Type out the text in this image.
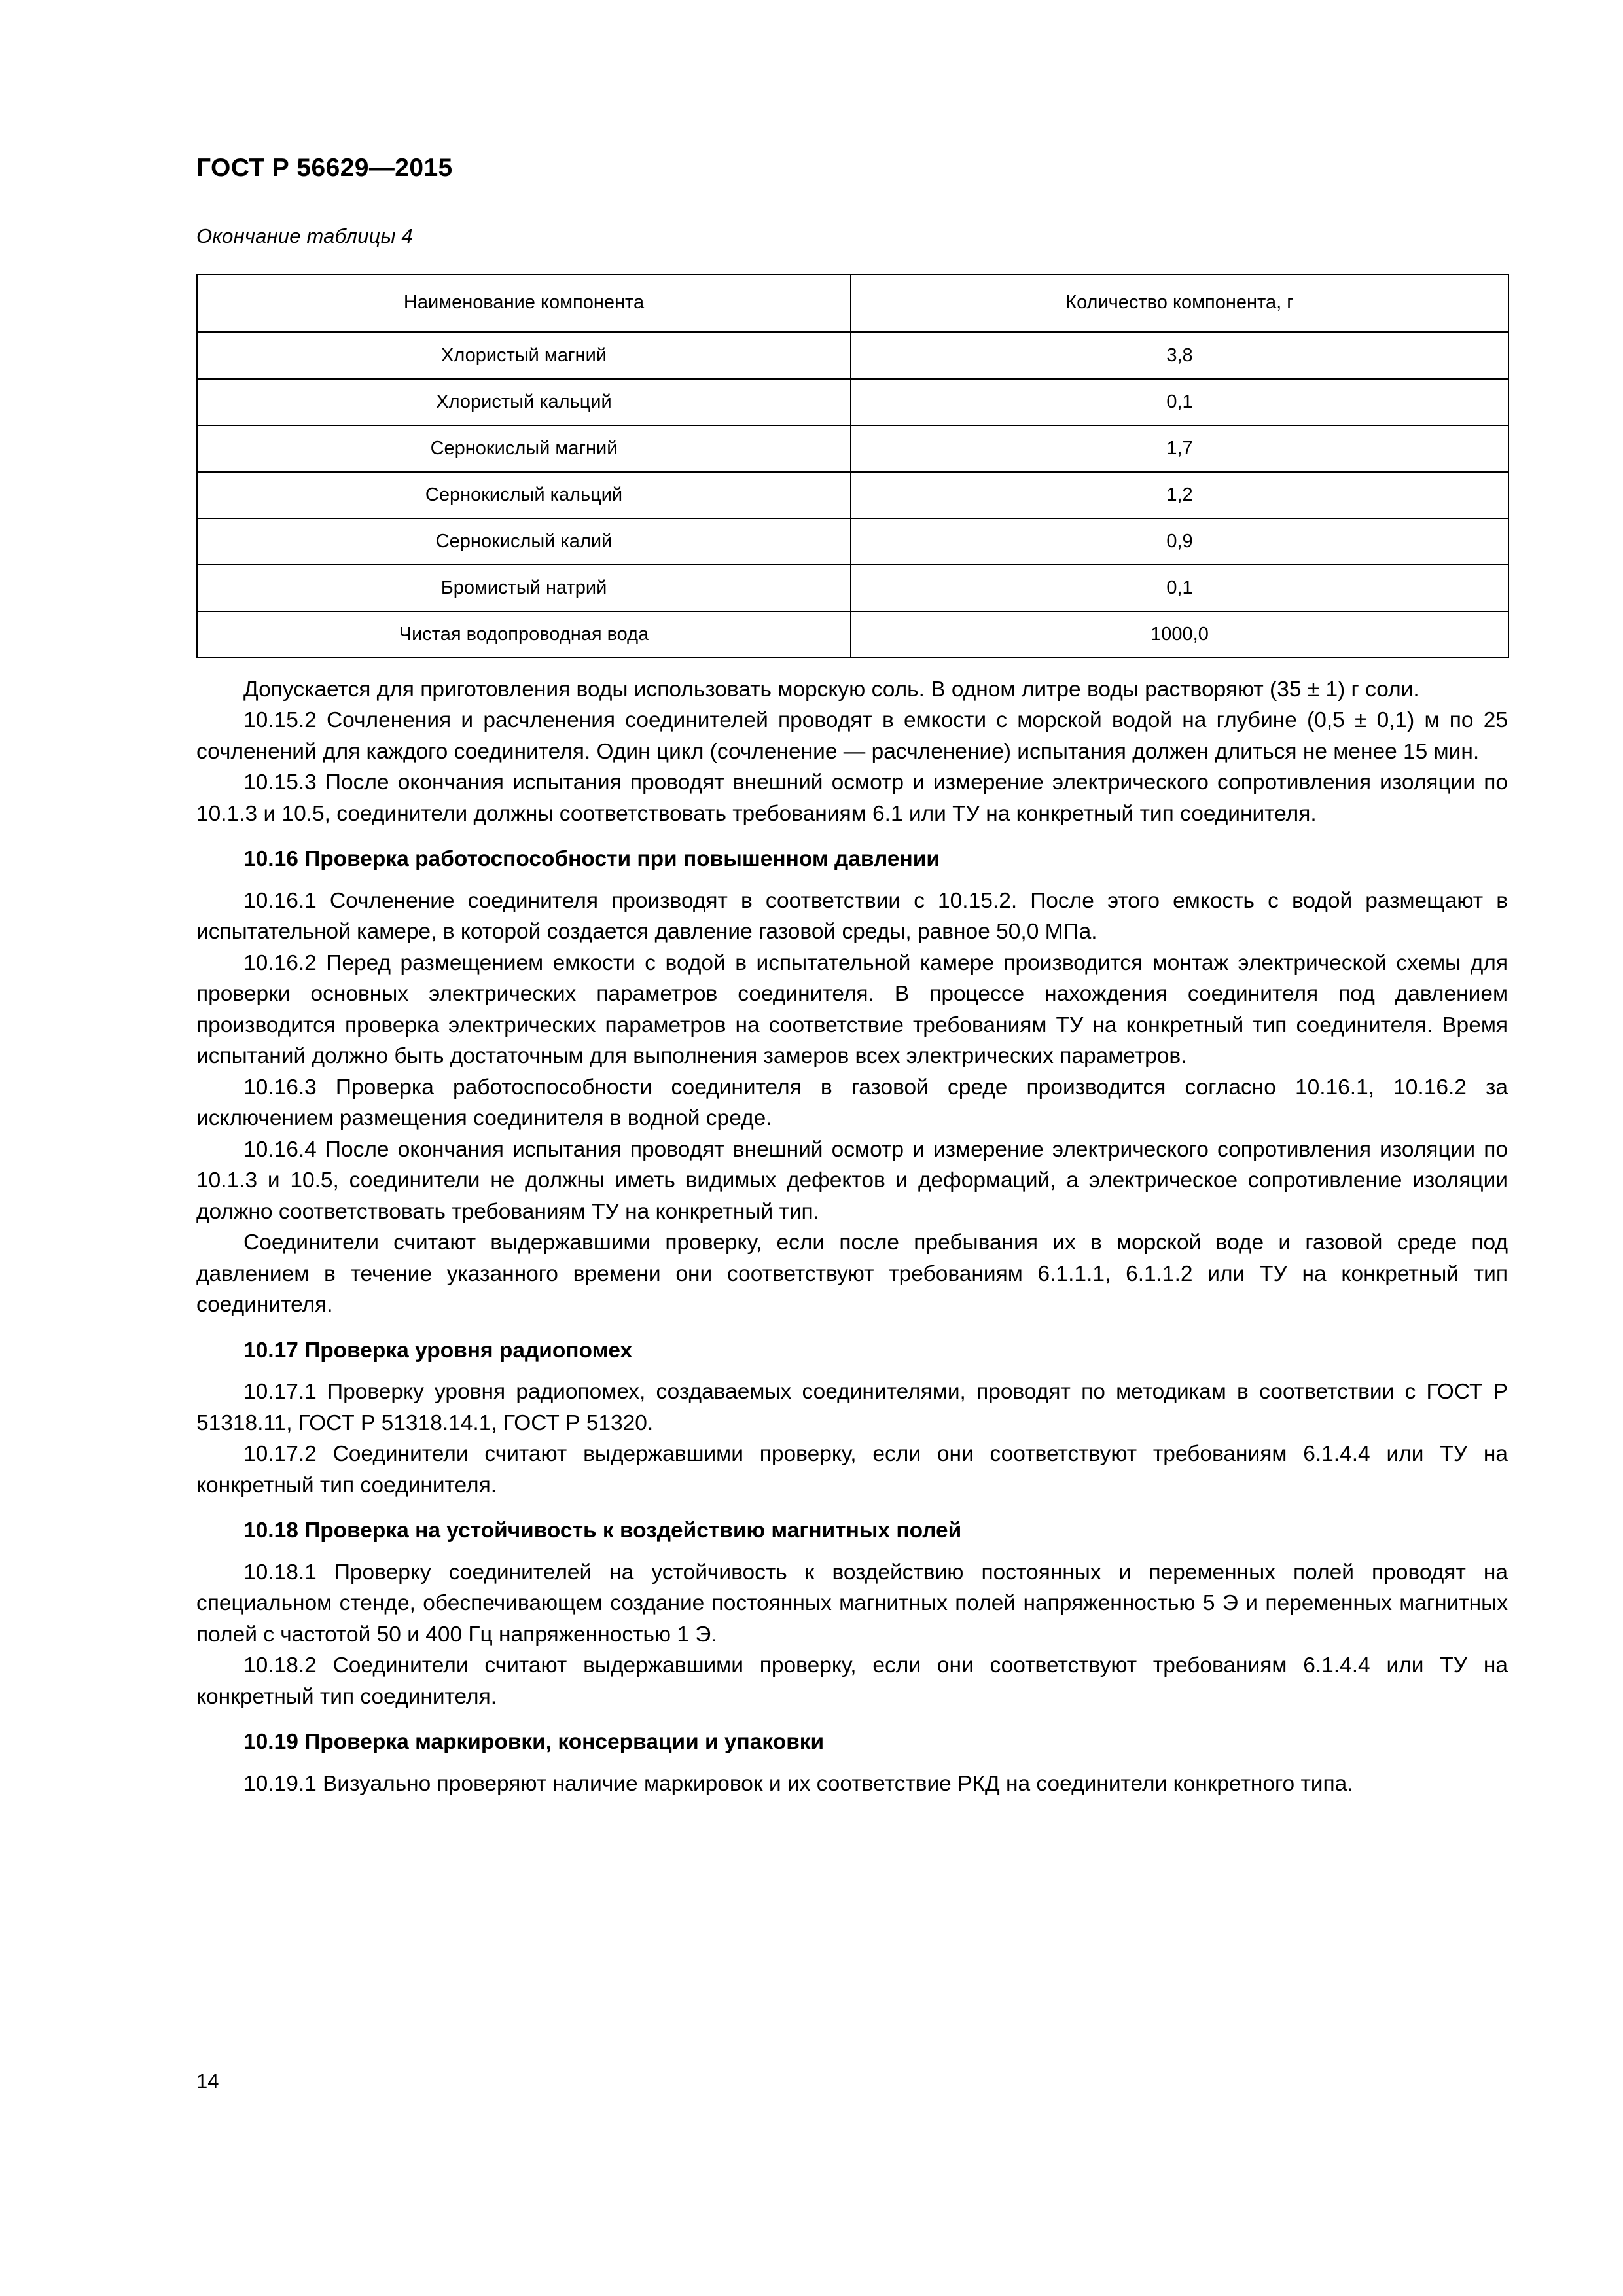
ГОСТ Р 56629—2015
Окончание таблицы 4
Наименование компонента	Количество компонента, г
Хлористый магний	3,8
Хлористый кальций	0,1
Сернокислый магний	1,7
Сернокислый кальций	1,2
Сернокислый калий	0,9
Бромистый натрий	0,1
Чистая водопроводная вода	1000,0

Допускается для приготовления воды использовать морскую соль. В одном литре воды растворяют (35 ± 1) г соли.

10.15.2 Сочленения и расчленения соединителей проводят в емкости с морской водой на глубине (0,5 ± 0,1) м по 25 сочленений для каждого соединителя. Один цикл (сочленение — расчленение) испытания должен длиться не менее 15 мин.

10.15.3 После окончания испытания проводят внешний осмотр и измерение электрического сопротивления изоляции по 10.1.3 и 10.5, соединители должны соответствовать требованиям 6.1 или ТУ на конкретный тип соединителя.

10.16 Проверка работоспособности при повышенном давлении

10.16.1 Сочленение соединителя производят в соответствии с 10.15.2. После этого емкость с водой размещают в испытательной камере, в которой создается давление газовой среды, равное 50,0 МПа.

10.16.2 Перед размещением емкости с водой в испытательной камере производится монтаж электрической схемы для проверки основных электрических параметров соединителя. В процессе нахождения соединителя под давлением производится проверка электрических параметров на соответствие требованиям ТУ на конкретный тип соединителя. Время испытаний должно быть достаточным для выполнения замеров всех электрических параметров.

10.16.3 Проверка работоспособности соединителя в газовой среде производится согласно 10.16.1, 10.16.2 за исключением размещения соединителя в водной среде.

10.16.4 После окончания испытания проводят внешний осмотр и измерение электрического сопротивления изоляции по 10.1.3 и 10.5, соединители не должны иметь видимых дефектов и деформаций, а электрическое сопротивление изоляции должно соответствовать требованиям ТУ на конкретный тип.

Соединители считают выдержавшими проверку, если после пребывания их в морской воде и газовой среде под давлением в течение указанного времени они соответствуют требованиям 6.1.1.1, 6.1.1.2 или ТУ на конкретный тип соединителя.

10.17 Проверка уровня радиопомех

10.17.1 Проверку уровня радиопомех, создаваемых соединителями, проводят по методикам в соответствии с ГОСТ Р 51318.11, ГОСТ Р 51318.14.1, ГОСТ Р 51320.

10.17.2 Соединители считают выдержавшими проверку, если они соответствуют требованиям 6.1.4.4 или ТУ на конкретный тип соединителя.

10.18 Проверка на устойчивость к воздействию магнитных полей

10.18.1 Проверку соединителей на устойчивость к воздействию постоянных и переменных полей проводят на специальном стенде, обеспечивающем создание постоянных магнитных полей напряженностью 5 Э и переменных магнитных полей с частотой 50 и 400 Гц напряженностью 1 Э.

10.18.2 Соединители считают выдержавшими проверку, если они соответствуют требованиям 6.1.4.4 или ТУ на конкретный тип соединителя.

10.19 Проверка маркировки, консервации и упаковки

10.19.1 Визуально проверяют наличие маркировок и их соответствие РКД на соединители конкретного типа.

14
